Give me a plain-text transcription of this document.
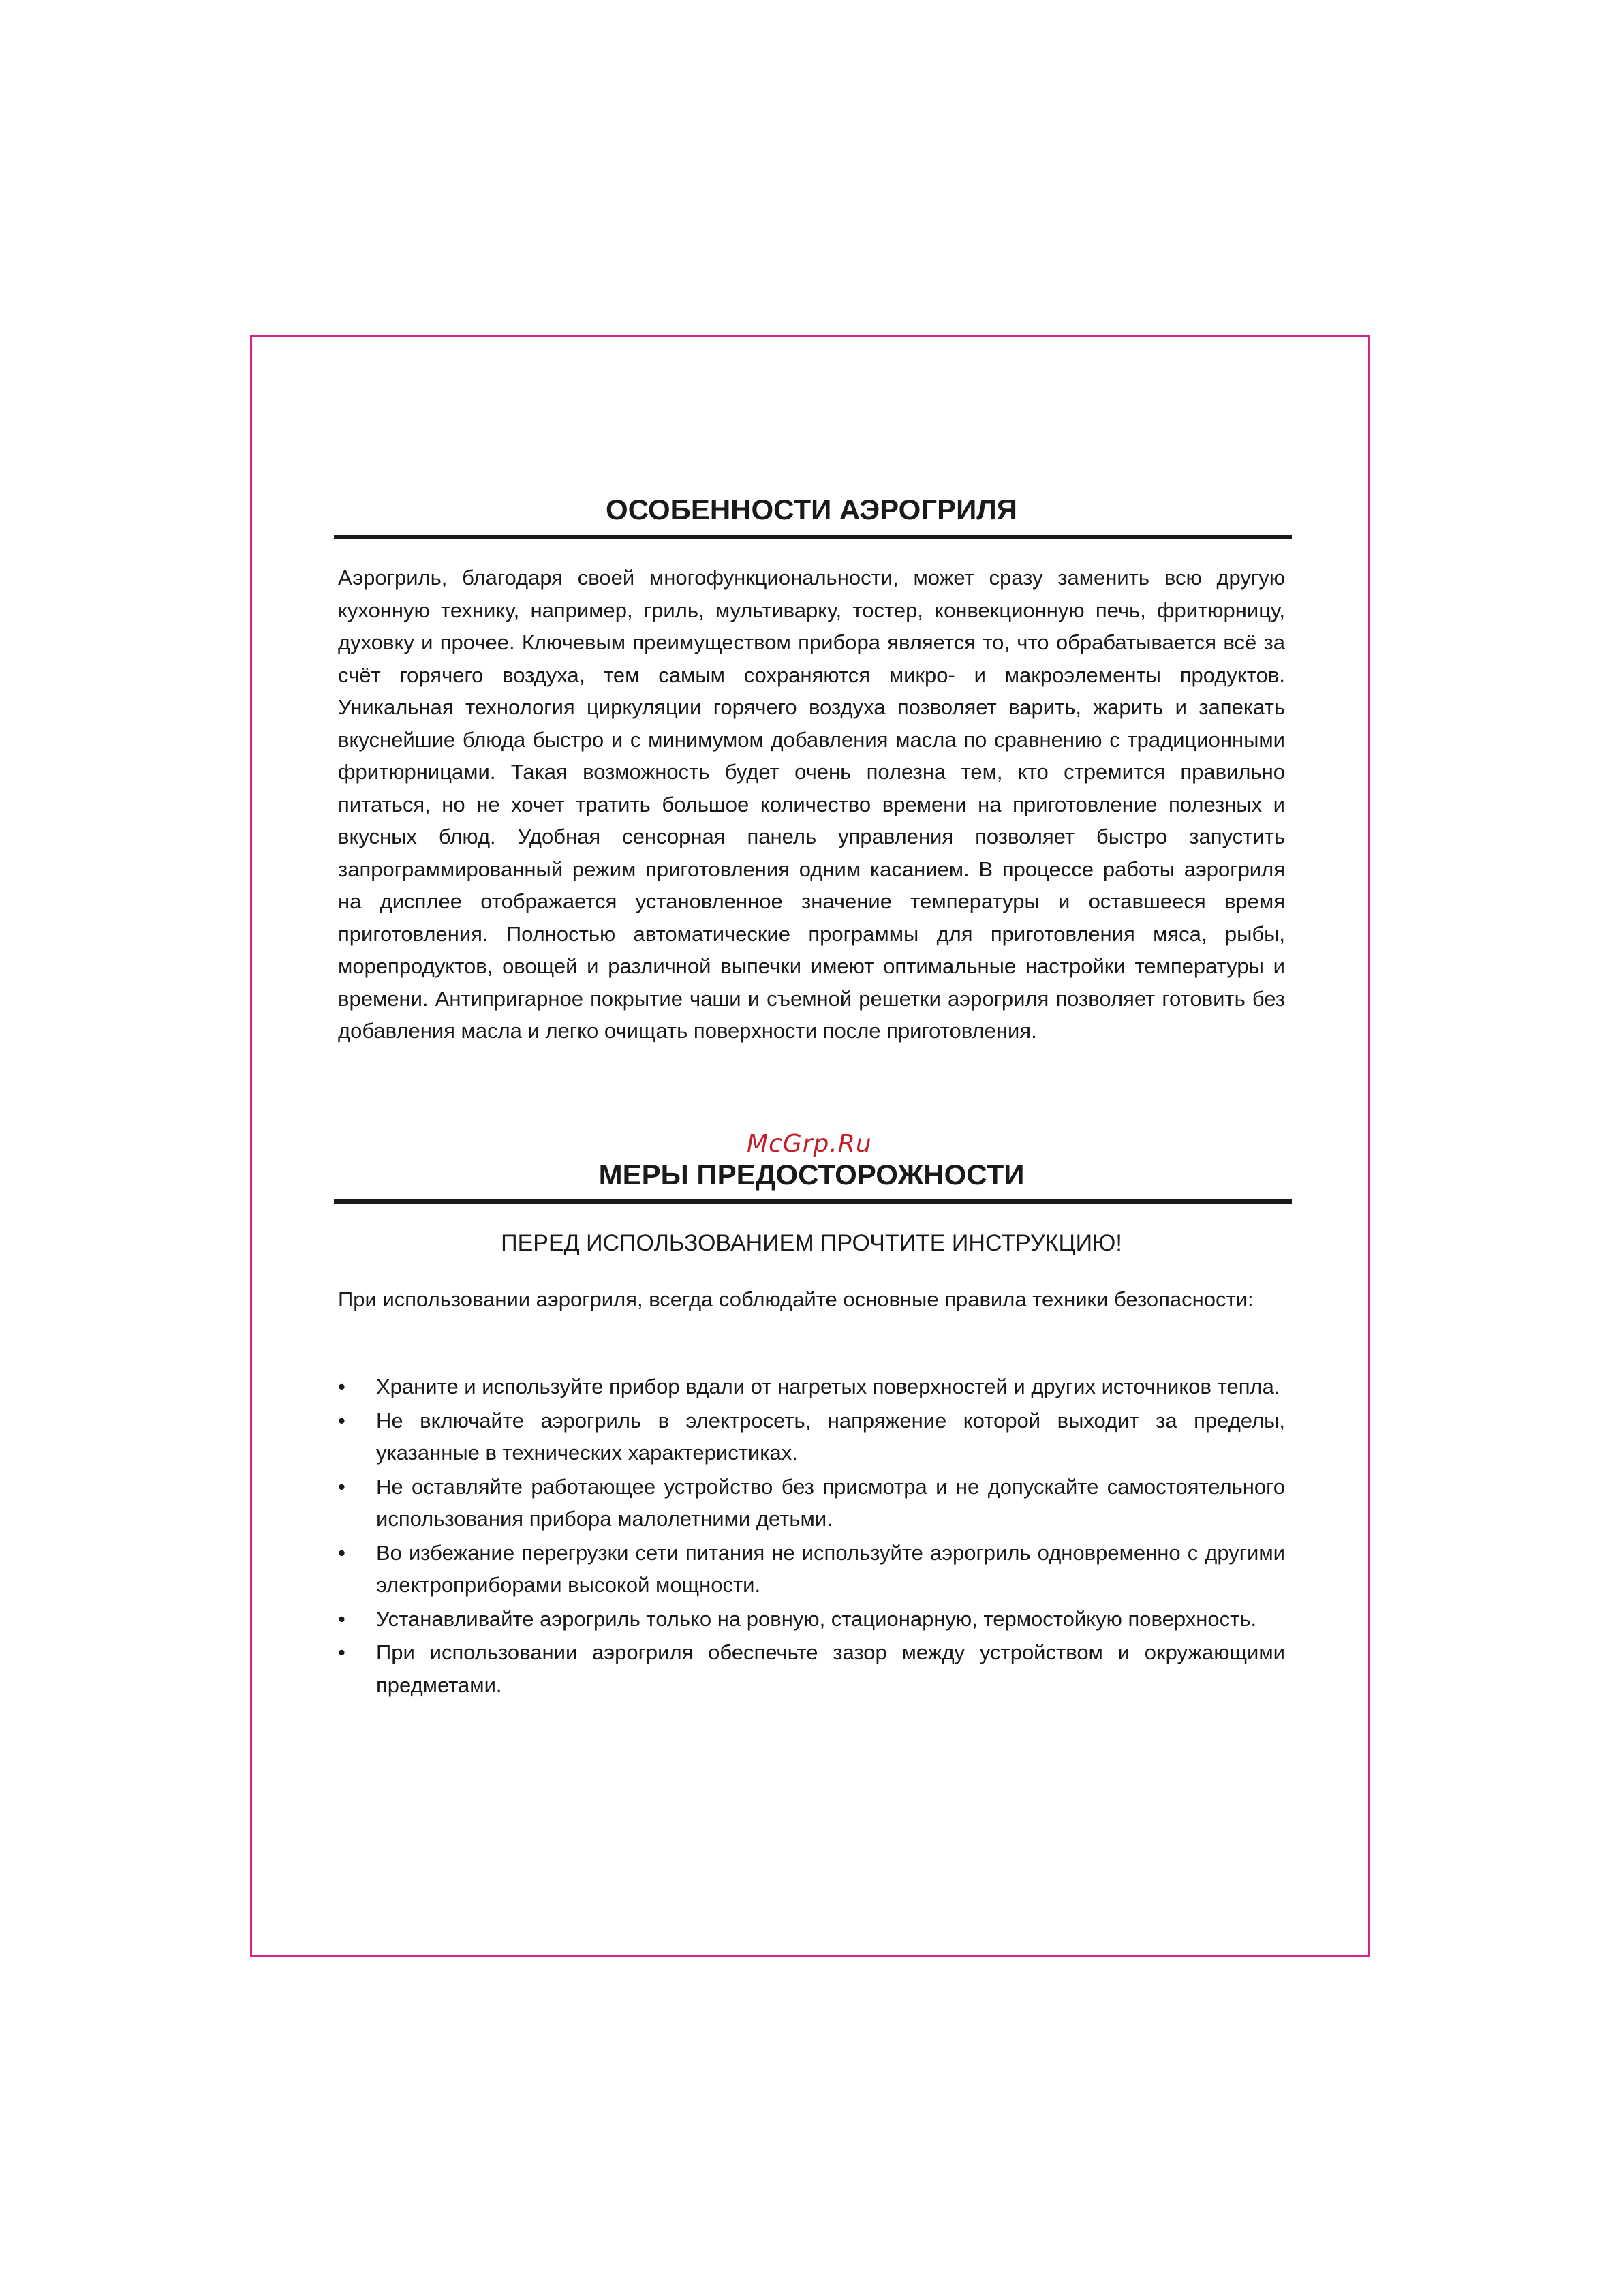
ОСОБЕННОСТИ АЭРОГРИЛЯ

Аэрогриль, благодаря своей многофункциональности, может сразу заменить всю другую кухонную технику, например, гриль, мультиварку, тостер, конвекционную печь, фритюрницу, духовку и прочее. Ключевым преимуществом прибора является то, что обрабатывается всё за счёт горячего воздуха, тем самым сохраняются микро- и макроэлементы продуктов. Уникальная технология циркуляции горячего воздуха позволяет варить, жарить и запекать вкуснейшие блюда быстро и с минимумом добавления масла по сравнению с традиционными фритюрницами. Такая возможность будет очень полезна тем, кто стремится правильно питаться, но не хочет тратить большое количество времени на приготовление полезных и вкусных блюд. Удобная сенсорная панель управления позволяет быстро запустить запрограммированный режим приготовления одним касанием. В процессе работы аэрогриля на дисплее отображается установленное значение температуры и оставшееся время приготовления. Полностью автоматические программы для приготовления мяса, рыбы, морепродуктов, овощей и различной выпечки имеют оптимальные настройки температуры и времени. Антипригарное покрытие чаши и съемной решетки аэрогриля позволяет готовить без добавления масла и легко очищать поверхности после приготовления.

МЕРЫ ПРЕДОСТОРОЖНОСТИ

ПЕРЕД ИСПОЛЬЗОВАНИЕМ ПРОЧТИТЕ ИНСТРУКЦИЮ!

При использовании аэрогриля, всегда соблюдайте основные правила техники безопасности:

•	Храните и используйте прибор вдали от нагретых поверхностей и других источников тепла.
•	Не включайте аэрогриль в электросеть, напряжение которой выходит за пределы, указанные в технических характеристиках.
•	Не оставляйте работающее устройство без присмотра и не допускайте самостоятельного использования прибора малолетними детьми.
•	Во избежание перегрузки сети питания не используйте аэрогриль одновременно с другими электроприборами высокой мощности.
•	Устанавливайте аэрогриль только на ровную, стационарную, термостойкую поверхность.
•	При использовании аэрогриля обеспечьте зазор между устройством и окружающими предметами.
McGrp.Ru
